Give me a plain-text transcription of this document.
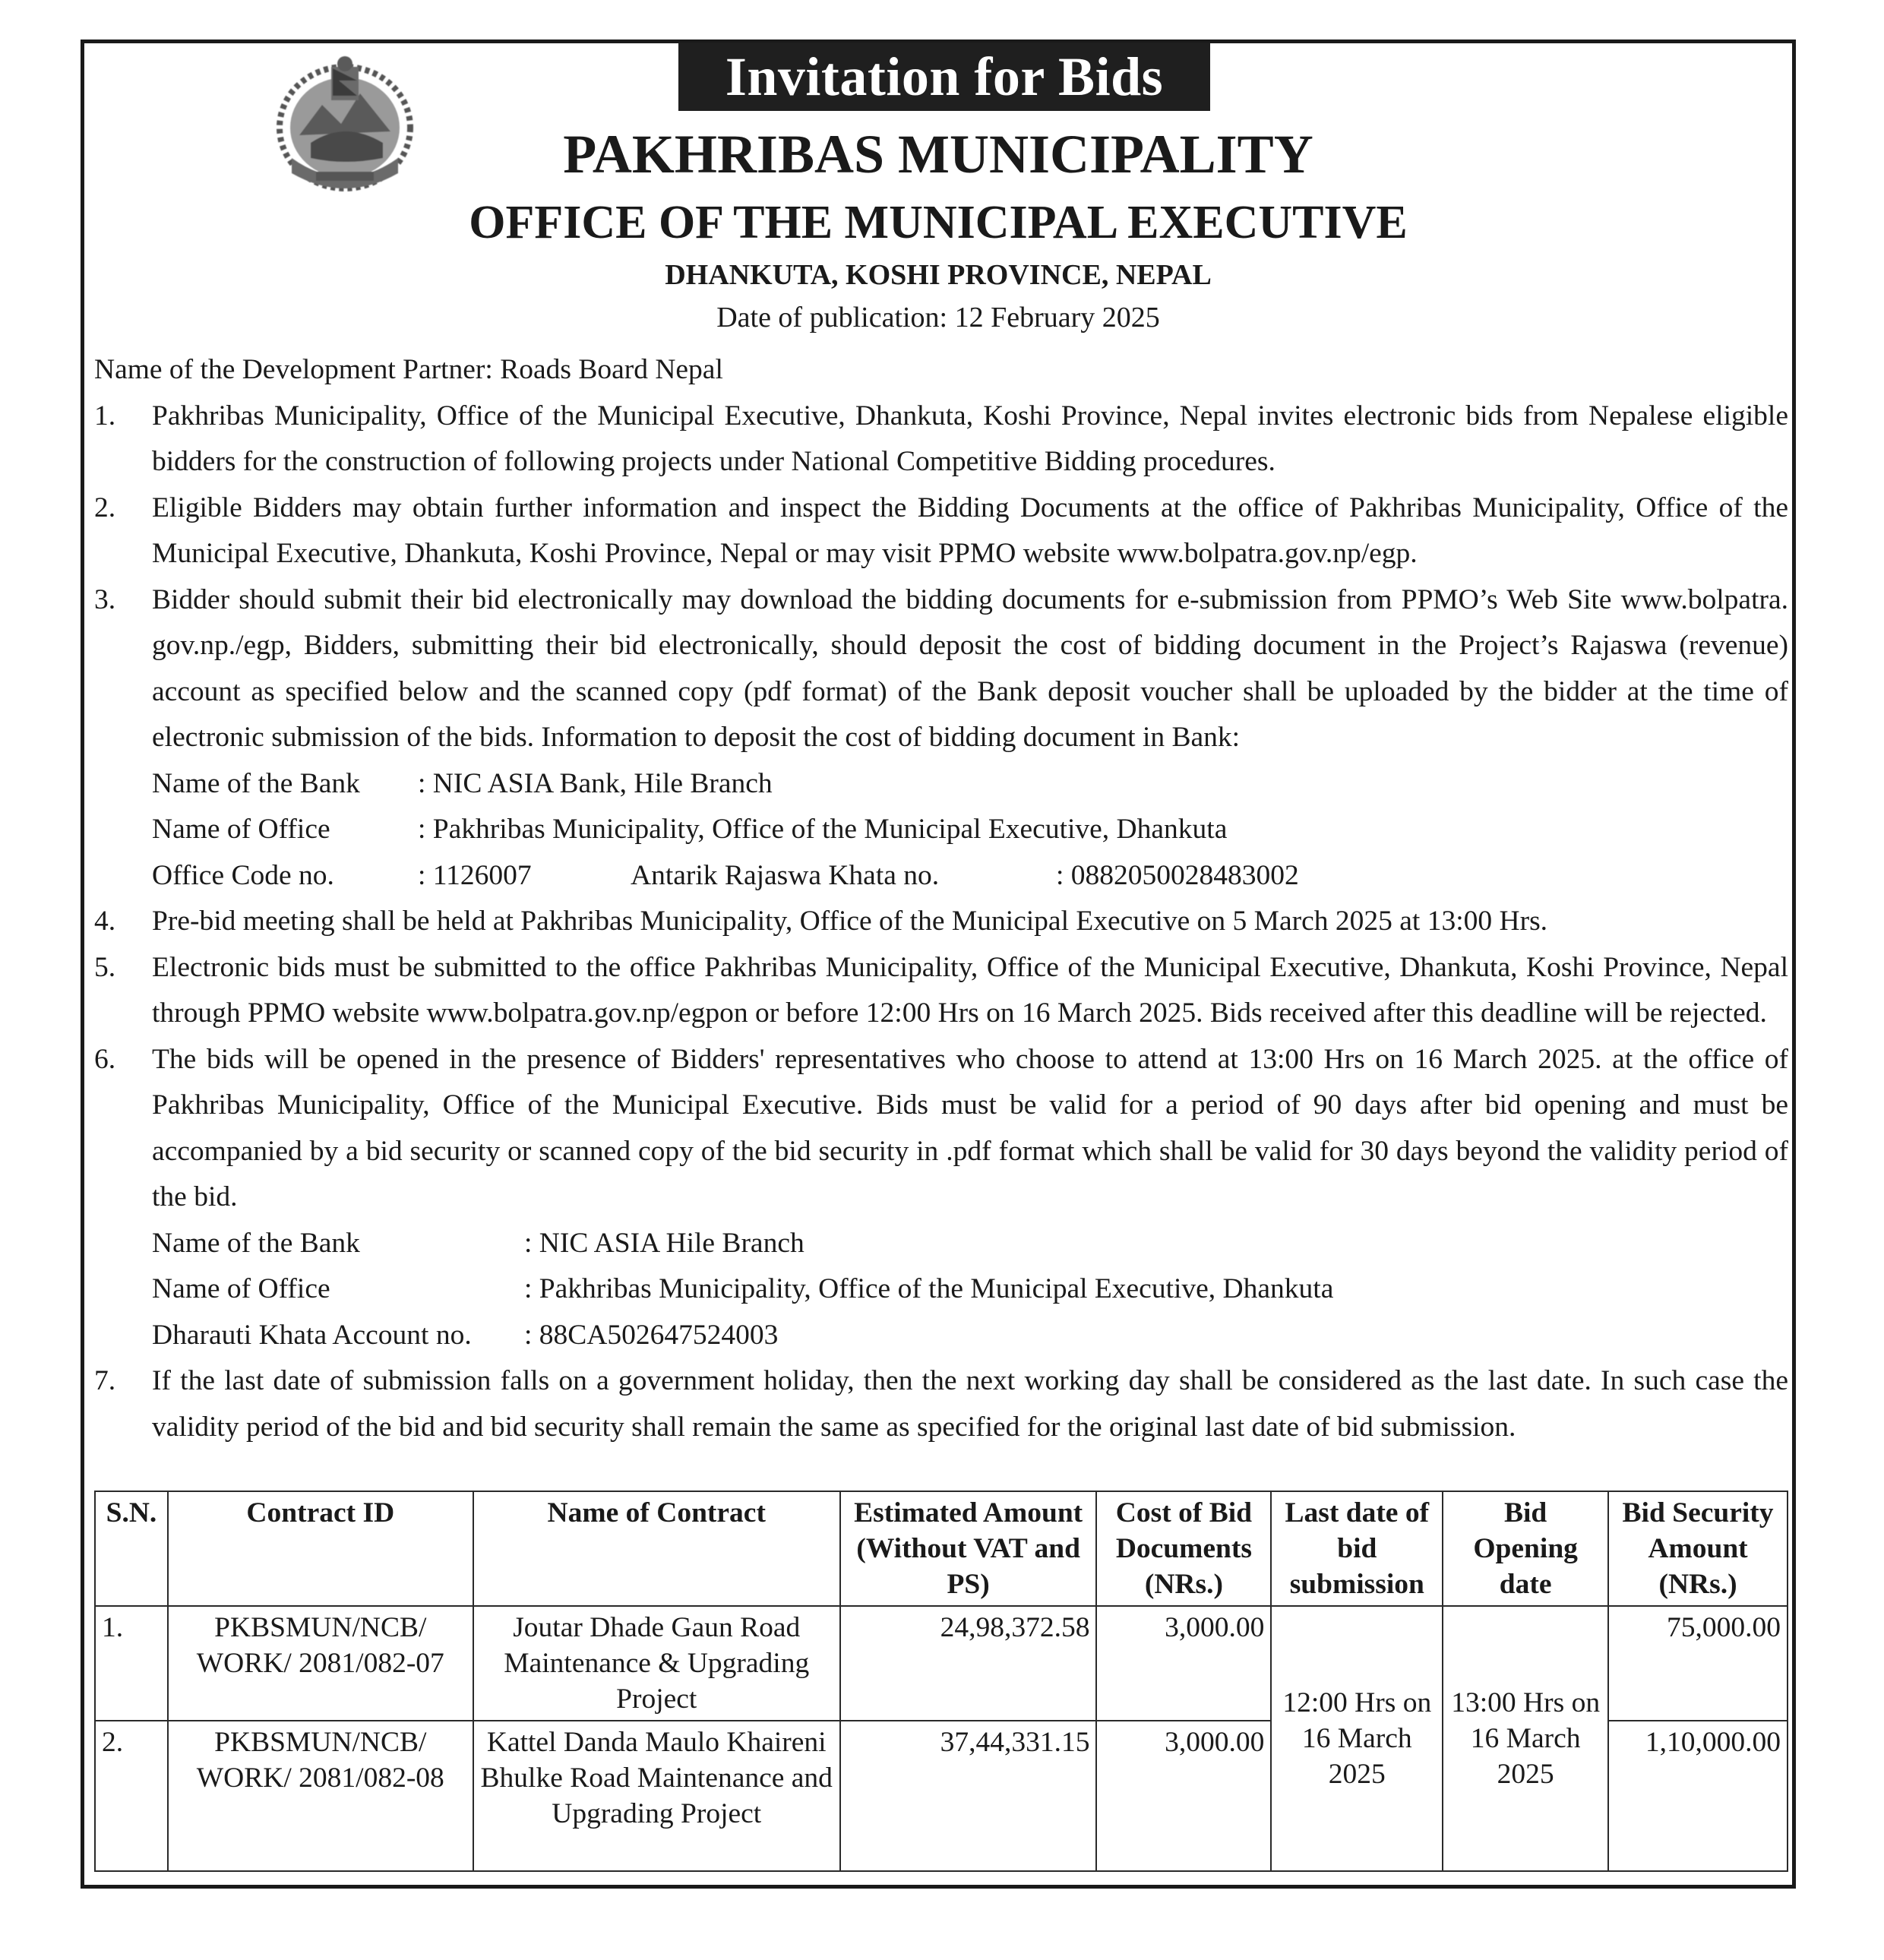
Invitation for Bids
PAKHRIBAS MUNICIPALITY
OFFICE OF THE MUNICIPAL EXECUTIVE
DHANKUTA, KOSHI PROVINCE, NEPAL
Date of publication: 12 February 2025

Name of the Development Partner: Roads Board Nepal

1.	Pakhribas Municipality, Office of the Municipal Executive, Dhankuta, Koshi Province, Nepal invites electronic bids from Nepalese eligible bidders for the construction of following projects under National Competitive Bidding procedures.
2.	Eligible Bidders may obtain further information and inspect the Bidding Documents at the office of Pakhribas Municipality, Office of the Municipal Executive, Dhankuta, Koshi Province, Nepal or may visit PPMO website www.bolpatra.gov.np/egp.
3.	Bidder should submit their bid electronically may download the bidding documents for e-submission from PPMO’s Web Site www.bolpatra. gov.np./egp, Bidders, submitting their bid electronically, should deposit the cost of bidding document in the Project’s Rajaswa (revenue) account as specified below and the scanned copy (pdf format) of the Bank deposit voucher shall be uploaded by the bidder at the time of electronic submission of the bids. Information to deposit the cost of bidding document in Bank:
Name of the Bank	: NIC ASIA Bank, Hile Branch
Name of Office	: Pakhribas Municipality, Office of the Municipal Executive, Dhankuta
Office Code no.	: 1126007	Antarik Rajaswa Khata no.	: 0882050028483002
4.	Pre-bid meeting shall be held at Pakhribas Municipality, Office of the Municipal Executive on 5 March 2025 at 13:00 Hrs.
5.	Electronic bids must be submitted to the office Pakhribas Municipality, Office of the Municipal Executive, Dhankuta, Koshi Province, Nepal through PPMO website www.bolpatra.gov.np/egpon or before 12:00 Hrs on 16 March 2025. Bids received after this deadline will be rejected.
6.	The bids will be opened in the presence of Bidders' representatives who choose to attend at 13:00 Hrs on 16 March 2025. at the office of Pakhribas Municipality, Office of the Municipal Executive. Bids must be valid for a period of 90 days after bid opening and must be accompanied by a bid security or scanned copy of the bid security in .pdf format which shall be valid for 30 days beyond the validity period of the bid.
Name of the Bank	: NIC ASIA Hile Branch
Name of Office	: Pakhribas Municipality, Office of the Municipal Executive, Dhankuta
Dharauti Khata Account no.	: 88CA502647524003
7.	If the last date of submission falls on a government holiday, then the next working day shall be considered as the last date. In such case the validity period of the bid and bid security shall remain the same as specified for the original last date of bid submission.
S.N.	Contract ID	Name of Contract	Estimated Amount (Without VAT and PS)	Cost of Bid Documents (NRs.)	Last date of bid submission	Bid Opening date	Bid Security Amount (NRs.)
1.	PKBSMUN/NCB/ WORK/ 2081/082-07	Joutar Dhade Gaun Road Maintenance & Upgrading Project	24,98,372.58	3,000.00	12:00 Hrs on 16 March 2025	13:00 Hrs on 16 March 2025	75,000.00
2.	PKBSMUN/NCB/ WORK/ 2081/082-08	Kattel Danda Maulo Khaireni Bhulke Road Maintenance and Upgrading Project	37,44,331.15	3,000.00			1,10,000.00
